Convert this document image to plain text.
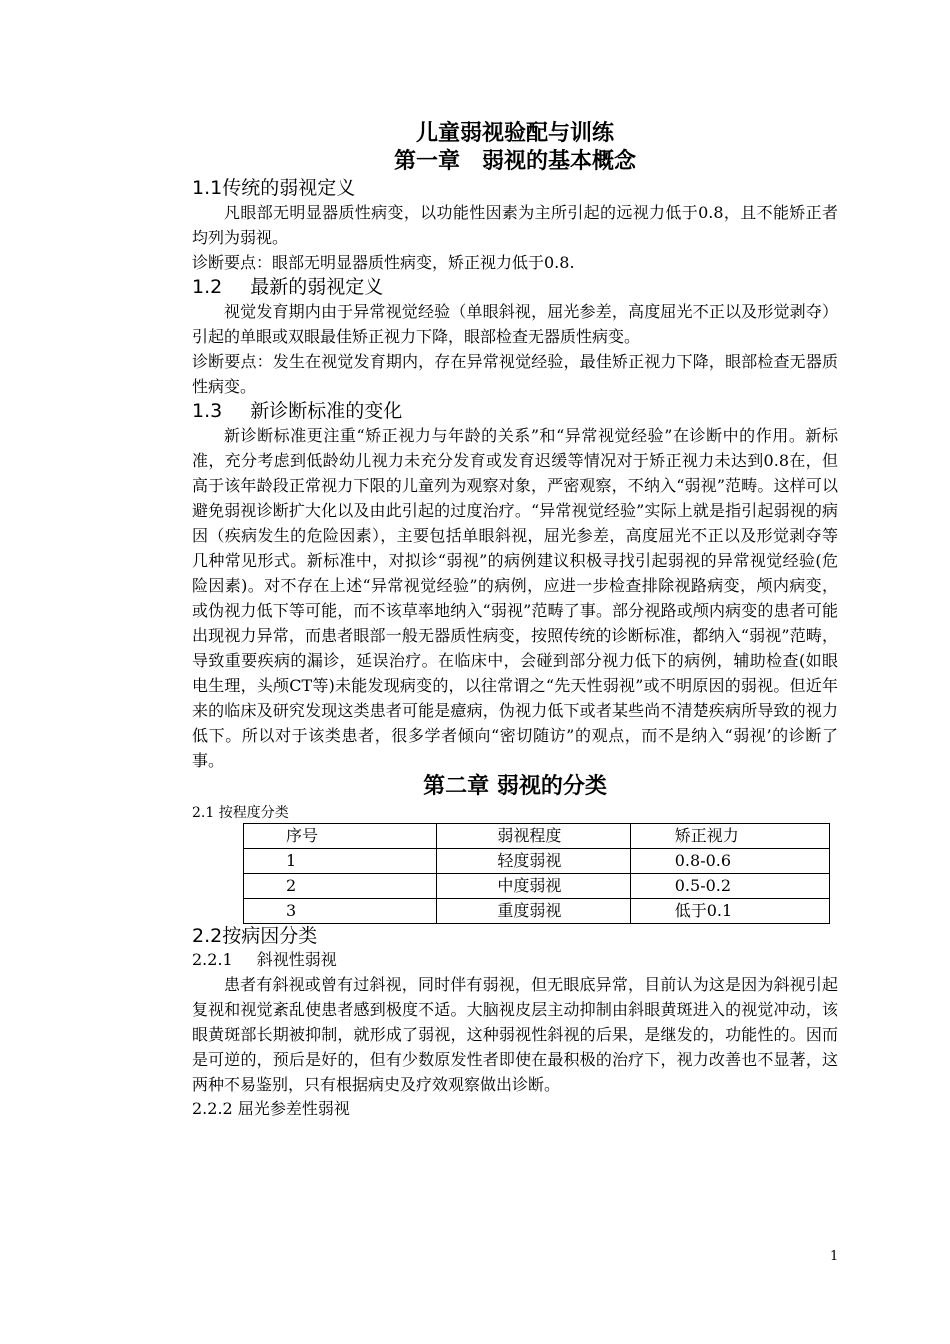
儿童弱视验配与训练
第一章　弱视的基本概念
1.1传统的弱视定义

凡眼部无明显器质性病变，以功能性因素为主所引起的远视力低于0.8，且不能矫正者均列为弱视。

诊断要点：眼部无明显器质性病变，矫正视力低于0.8.

1.2 最新的弱视定义

视觉发育期内由于异常视觉经验（单眼斜视，屈光参差，高度屈光不正以及形觉剥夺）引起的单眼或双眼最佳矫正视力下降，眼部检查无器质性病变。

诊断要点：发生在视觉发育期内，存在异常视觉经验，最佳矫正视力下降，眼部检查无器质性病变。

1.3 新诊断标准的变化

新诊断标准更注重“矫正视力与年龄的关系”和“异常视觉经验”在诊断中的作用。新标准，充分考虑到低龄幼儿视力未充分发育或发育迟缓等情况对于矫正视力未达到0.8在，但高于该年龄段正常视力下限的儿童列为观察对象，严密观察，不纳入“弱视”范畴。这样可以避免弱视诊断扩大化以及由此引起的过度治疗。“异常视觉经验”实际上就是指引起弱视的病因（疾病发生的危险因素），主要包括单眼斜视，屈光参差，高度屈光不正以及形觉剥夺等几种常见形式。新标准中，对拟诊“弱视”的病例建议积极寻找引起弱视的异常视觉经验(危险因素)。对不存在上述“异常视觉经验”的病例，应进一步检查排除视路病变，颅内病变，或伪视力低下等可能，而不该草率地纳入“弱视”范畴了事。部分视路或颅内病变的患者可能出现视力异常，而患者眼部一般无器质性病变，按照传统的诊断标准，都纳入“弱视”范畴，导致重要疾病的漏诊，延误治疗。在临床中，会碰到部分视力低下的病例，辅助检查(如眼电生理，头颅CT等)未能发现病变的，以往常谓之“先天性弱视”或不明原因的弱视。但近年来的临床及研究发现这类患者可能是癔病，伪视力低下或者某些尚不清楚疾病所导致的视力低下。所以对于该类患者，很多学者倾向“密切随访”的观点，而不是纳入“弱视’的诊断了事。

第二章 弱视的分类
2.1 按程度分类
序号	弱视程度	矫正视力
1	轻度弱视	0.8-0.6
2	中度弱视	0.5-0.2
3	重度弱视	低于0.1
2.2按病因分类
2.2.1 斜视性弱视

患者有斜视或曾有过斜视，同时伴有弱视，但无眼底异常，目前认为这是因为斜视引起复视和视觉紊乱使患者感到极度不适。大脑视皮层主动抑制由斜眼黄斑进入的视觉冲动，该眼黄斑部长期被抑制，就形成了弱视，这种弱视性斜视的后果，是继发的，功能性的。因而是可逆的，预后是好的，但有少数原发性者即使在最积极的治疗下，视力改善也不显著，这两种不易鉴别，只有根据病史及疗效观察做出诊断。

2.2.2 屈光参差性弱视
1
